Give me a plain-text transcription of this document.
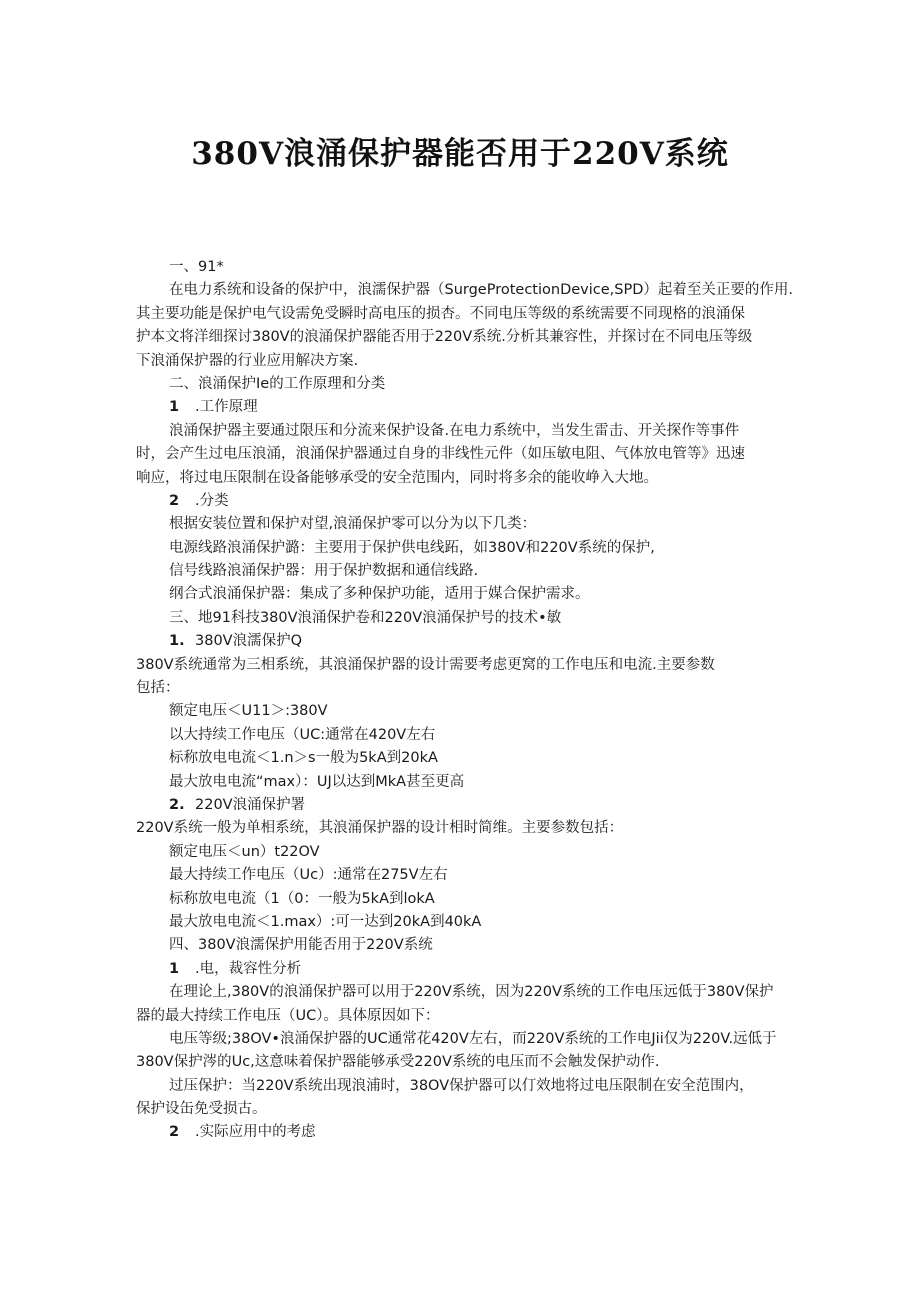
380V浪涌保护器能否用于220V系统

一、91*

在电力系统和设备的保护中，浪濡保护器（SurgeProtectionDevice,SPD）起着至关正要的作用.

其主要功能是保护电气设需免受瞬时高电压的损杏。不同电压等级的系统需要不同现格的浪涌保

护本文将洋细探讨380V的浪涌保护器能否用于220V系统.分析其兼容性，并探讨在不同电压等级

下浪涌保护器的行业应用解决方案.

二、浪涌保护Ie的工作原理和分类

1 .工作原理

浪涌保护器主要通过限压和分流来保护设备.在电力系统中，当发生雷击、开关探作等事件

时，会产生过电压浪涌，浪涌保护器通过自身的非线性元件（如压敏电阻、气体放电管等》迅速

响应，将过电压限制在设备能够承受的安全范围内，同时将多余的能收峥入大地。

2 .分类

根据安装位置和保护对望,浪涌保护零可以分为以下几类：

电源线路浪涌保护潞：主要用于保护供电线跖，如380V和220V系统的保护,

信号线路浪涌保护器：用于保护数据和通信线路.

纲合式浪涌保护器：集成了多种保护功能，适用于媒合保护需求。

三、地91科技380V浪涌保护卷和220V浪涌保护号的技术•敏

1. 380V浪濡保护Q

380V系统通常为三相系统，其浪涌保护器的设计需要考虑更窝的工作电压和电流.主要参数

包括：

额定电压＜U11＞:380V

以大持续工作电压（UC:通常在420V左右

标称放电电流＜1.n＞s一般为5kA到20kA

最大放电电流“max）：UJ以达到MkA甚至更高

2. 220V浪涌保护署

220V系统一般为单相系统，其浪涌保护器的设计相时简维。主要参数包括：

额定电压＜un）t22OV

最大持续工作电压（Uc）:通常在275V左右

标称放电电流（1（0：一般为5kA到lokA

最大放电电流＜1.max）:可一达到20kA到40kA

四、380V浪濡保护用能否用于220V系统

1 .电，裁容性分析

在理论上,380V的浪涌保护器可以用于220V系统，因为220V系统的工作电压远低于380V保护

器的最大持续工作电压（UC）。具体原因如下：

电压等级;38OV•浪涌保护器的UC通常花420V左右，而220V系统的工作电Jii仅为220V.远低于

380V保护涔的Uc,这意味着保护器能够承受220V系统的电压而不会触发保护动作.

过压保护：当220V系统出现浪浦时，38OV保护器可以仃效地将过电压限制在安全范围内，

保护设缶免受损古。

2 .实际应用中的考虑
